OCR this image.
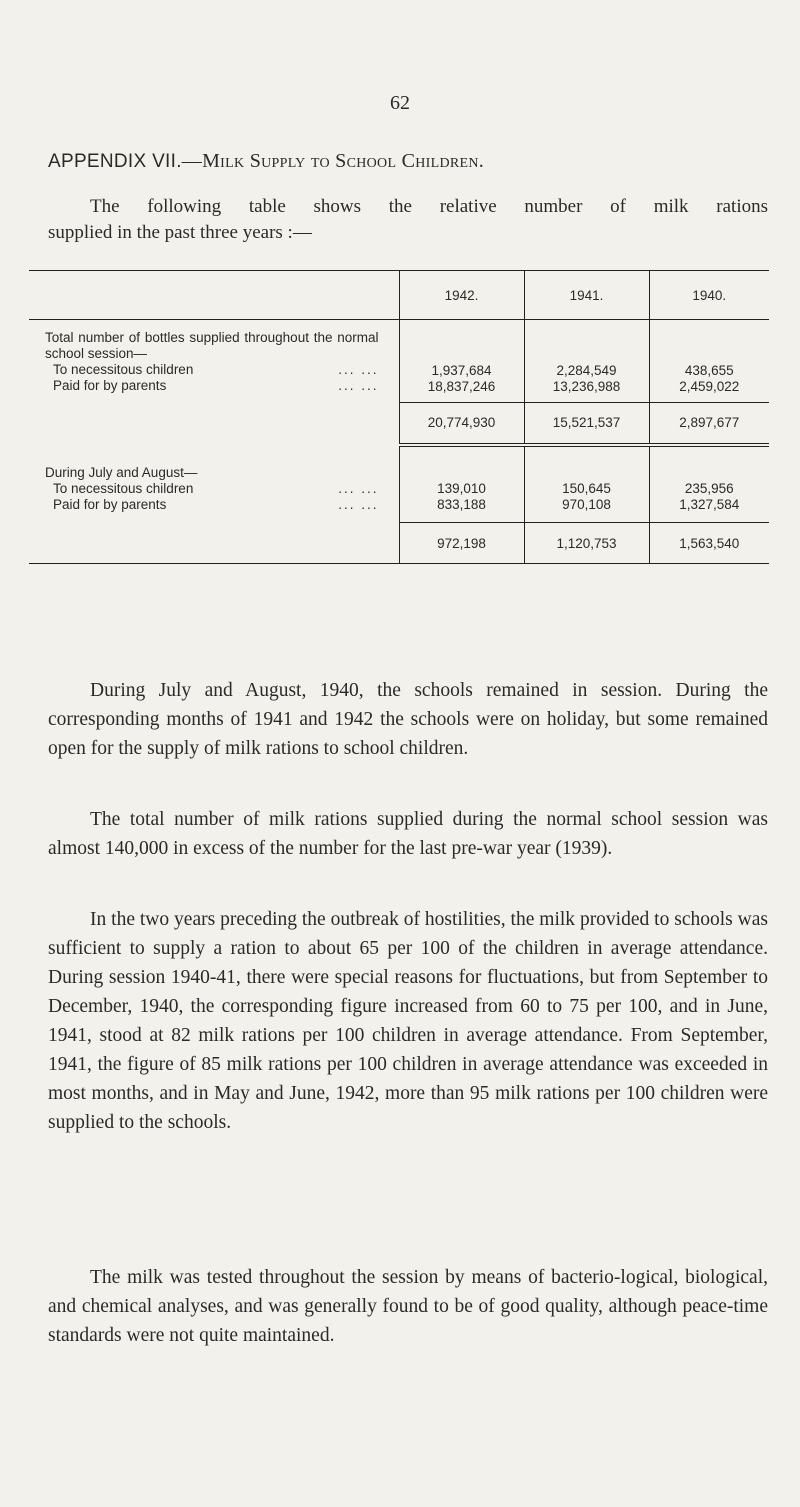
62
APPENDIX VII.—Milk Supply to School Children.
The following table shows the relative number of milk rations
supplied in the past three years :—
	1942.	1941.	1940.

Total number of bottles supplied throughout the normal school session—			

To necessitous children ... ...	1,937,684	2,284,549	438,655

Paid for by parents ... ...	18,837,246	13,236,988	2,459,022

	20,774,930	15,521,537	2,897,677

During July and August—			

To necessitous children ... ...	139,010	150,645	235,956

Paid for by parents ... ...	833,188	970,108	1,327,584

	972,198	1,120,753	1,563,540

During July and August, 1940, the schools remained in session. During the corresponding months of 1941 and 1942 the schools were on holiday, but some remained open for the supply of milk rations to school children.

The total number of milk rations supplied during the normal school session was almost 140,000 in excess of the number for the last pre-war year (1939).

In the two years preceding the outbreak of hostilities, the milk provided to schools was sufficient to supply a ration to about 65 per 100 of the children in average attendance. During session 1940-41, there were special reasons for fluctuations, but from September to December, 1940, the corresponding figure increased from 60 to 75 per 100, and in June, 1941, stood at 82 milk rations per 100 children in average attendance. From September, 1941, the figure of 85 milk rations per 100 children in average attendance was exceeded in most months, and in May and June, 1942, more than 95 milk rations per 100 children were supplied to the schools.

The milk was tested throughout the session by means of bacterio-logical, biological, and chemical analyses, and was generally found to be of good quality, although peace-time standards were not quite maintained.
